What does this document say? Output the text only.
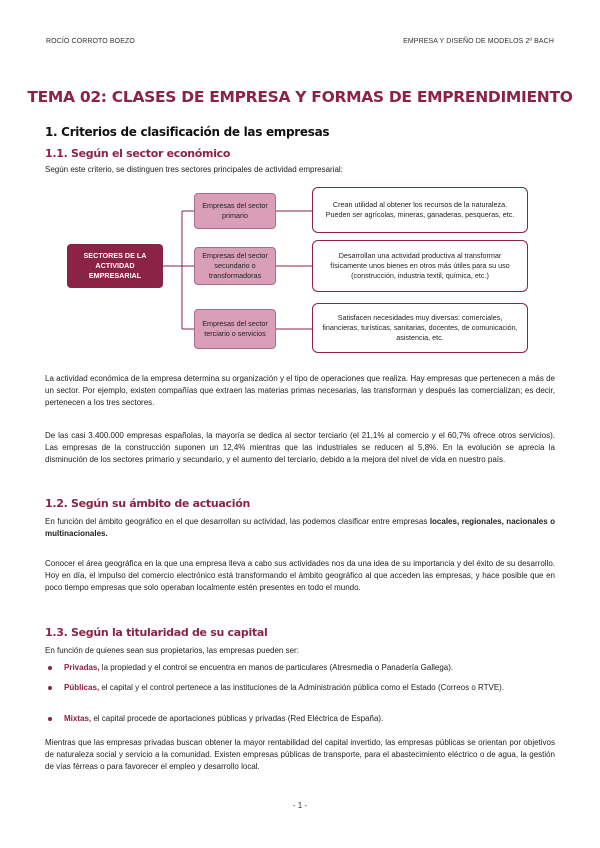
ROCÍO CORROTO BOEZO	EMPRESA Y DISEÑO DE MODELOS 2º BACH
TEMA 02: CLASES DE EMPRESA Y FORMAS DE EMPRENDIMIENTO
1. Criterios de clasificación de las empresas
1.1. Según el sector económico
Según este criterio, se distinguen tres sectores principales de actividad empresarial:
SECTORES DE LA ACTIVIDAD EMPRESARIAL
Empresas del sector primario
Empresas del sector secundario o transformadoras
Empresas del sector terciario o servicios
Crean utilidad al obtener los recursos de la naturaleza. Pueden ser agrícolas, mineras, ganaderas, pesqueras, etc.
Desarrollan una actividad productiva al transformar físicamente unos bienes en otros más útiles para su uso (construcción, industria textil, química, etc.)
Satisfacen necesidades muy diversas: comerciales, financieras, turísticas, sanitarias, docentes, de comunicación, asistencia, etc.
La actividad económica de la empresa determina su organización y el tipo de operaciones que realiza. Hay empresas que pertenecen a más de un sector. Por ejemplo, existen compañías que extraen las materias primas necesarias, las transforman y después las comercializan; es decir, pertenecen a los tres sectores.
De las casi 3.400.000 empresas españolas, la mayoría se dedica al sector terciario (el 21,1% al comercio y el 60,7% ofrece otros servicios). Las empresas de la construcción suponen un 12,4% mientras que las industriales se reducen al 5,8%. En la evolución se aprecia la disminución de los sectores primario y secundario, y el aumento del terciario, debido a la mejora del nivel de vida en nuestro país.
1.2. Según su ámbito de actuación
En función del ámbito geográfico en el que desarrollan su actividad, las podemos clasificar entre empresas locales, regionales, nacionales o multinacionales.
Conocer el área geográfica en la que una empresa lleva a cabo sus actividades nos da una idea de su importancia y del éxito de su desarrollo. Hoy en día, el impulso del comercio electrónico está transformando el ámbito geográfico al que acceden las empresas, y hace posible que en poco tiempo empresas que solo operaban localmente estén presentes en todo el mundo.
1.3. Según la titularidad de su capital
En función de quienes sean sus propietarios, las empresas pueden ser:
Privadas, la propiedad y el control se encuentra en manos de particulares (Atresmedia o Panadería Gallega).
Públicas, el capital y el control pertenece a las instituciones de la Administración pública como el Estado (Correos o RTVE).
Mixtas, el capital procede de aportaciones públicas y privadas (Red Eléctrica de España).
Mientras que las empresas privadas buscan obtener la mayor rentabilidad del capital invertido, las empresas públicas se orientan por objetivos de naturaleza social y servicio a la comunidad. Existen empresas públicas de transporte, para el abastecimiento eléctrico o de agua, la gestión de vías férreas o para favorecer el empleo y desarrollo local.
- 1 -
